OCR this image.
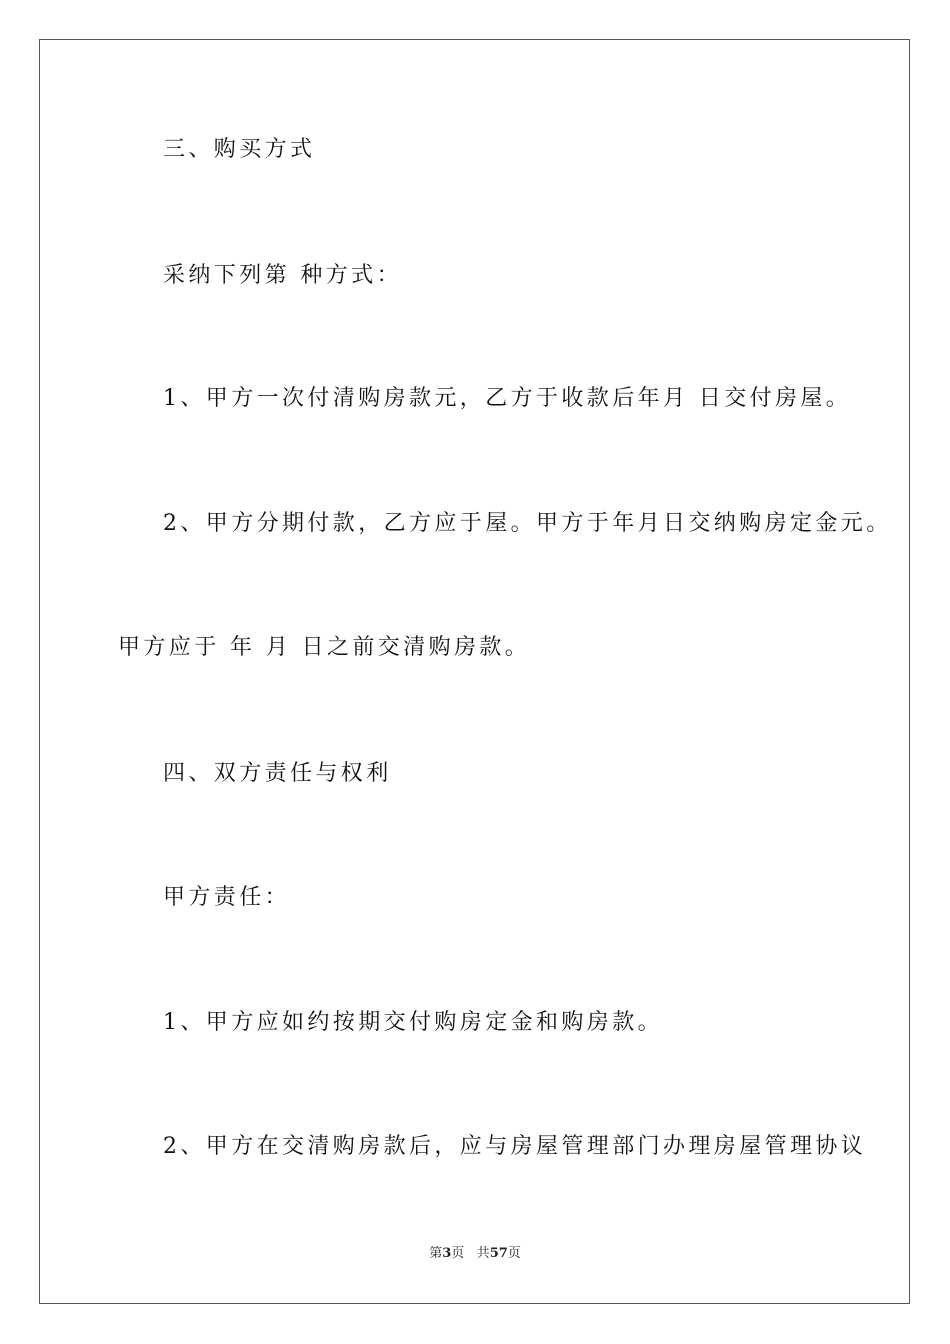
三、购买方式
采纳下列第 种方式：
1、甲方一次付清购房款元，乙方于收款后年月 日交付房屋。
2、甲方分期付款，乙方应于屋。甲方于年月日交纳购房定金元。
甲方应于 年 月 日之前交清购房款。
四、双方责任与权利
甲方责任：
1、甲方应如约按期交付购房定金和购房款。
2、甲方在交清购房款后，应与房屋管理部门办理房屋管理协议
第3页 共57页
